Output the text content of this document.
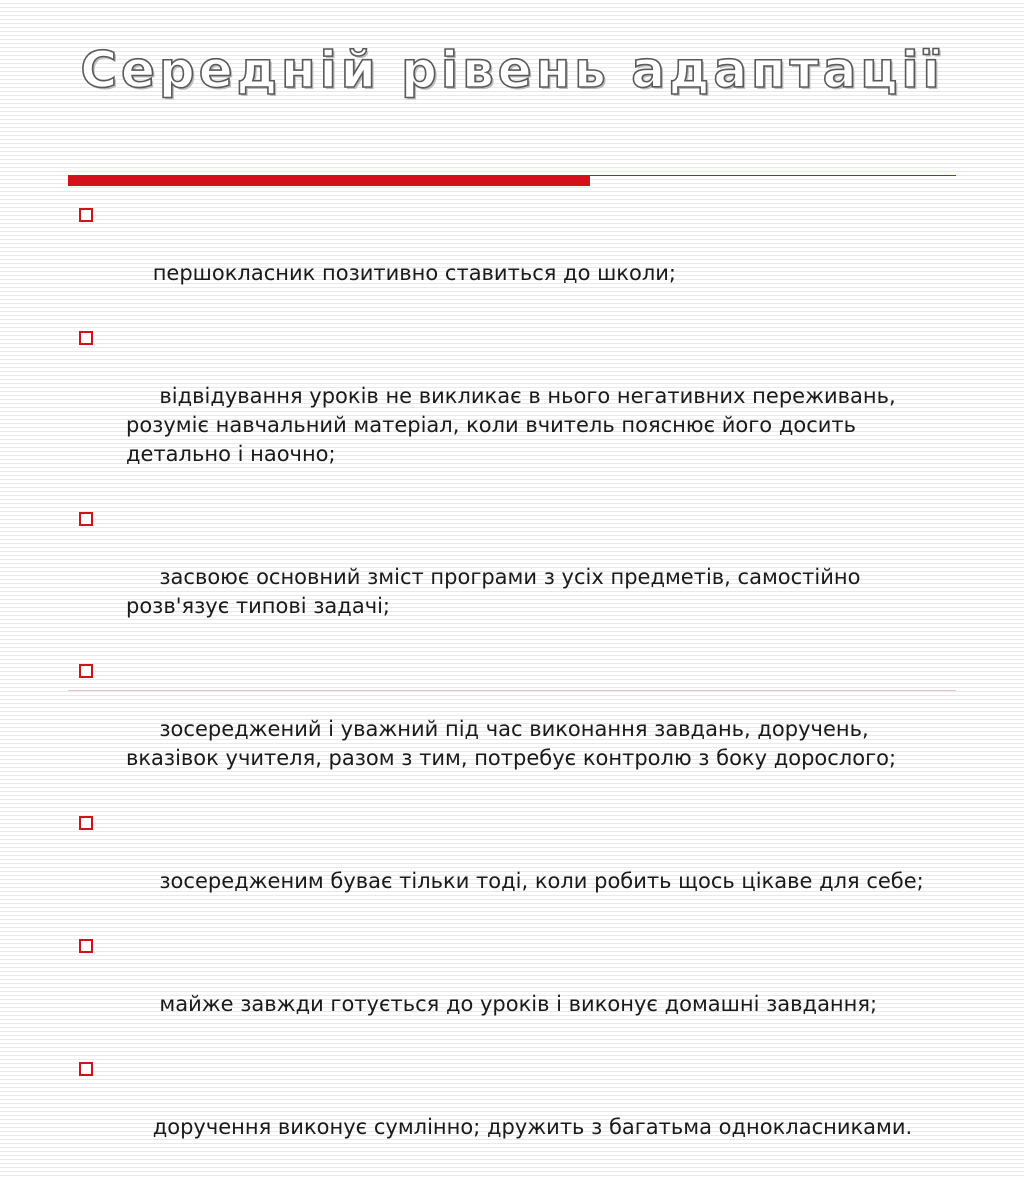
Середній рівень адаптації

першокласник позитивно ставиться до школи;

відвідування уроків не викликає в нього негативних переживань, розуміє навчальний матеріал, коли вчитель пояснює його досить детально і наочно;

засвоює основний зміст програми з усіх предметів, самостійно розв'язує типові задачі;

зосереджений і уважний під час виконання завдань, доручень, вказівок учителя, разом з тим, потребує контролю з боку дорослого;

зосередженим буває тільки тоді, коли робить щось цікаве для себе;

майже завжди готується до уроків і виконує домашні завдання;

доручення виконує сумлінно; дружить з багатьма однокласниками.
